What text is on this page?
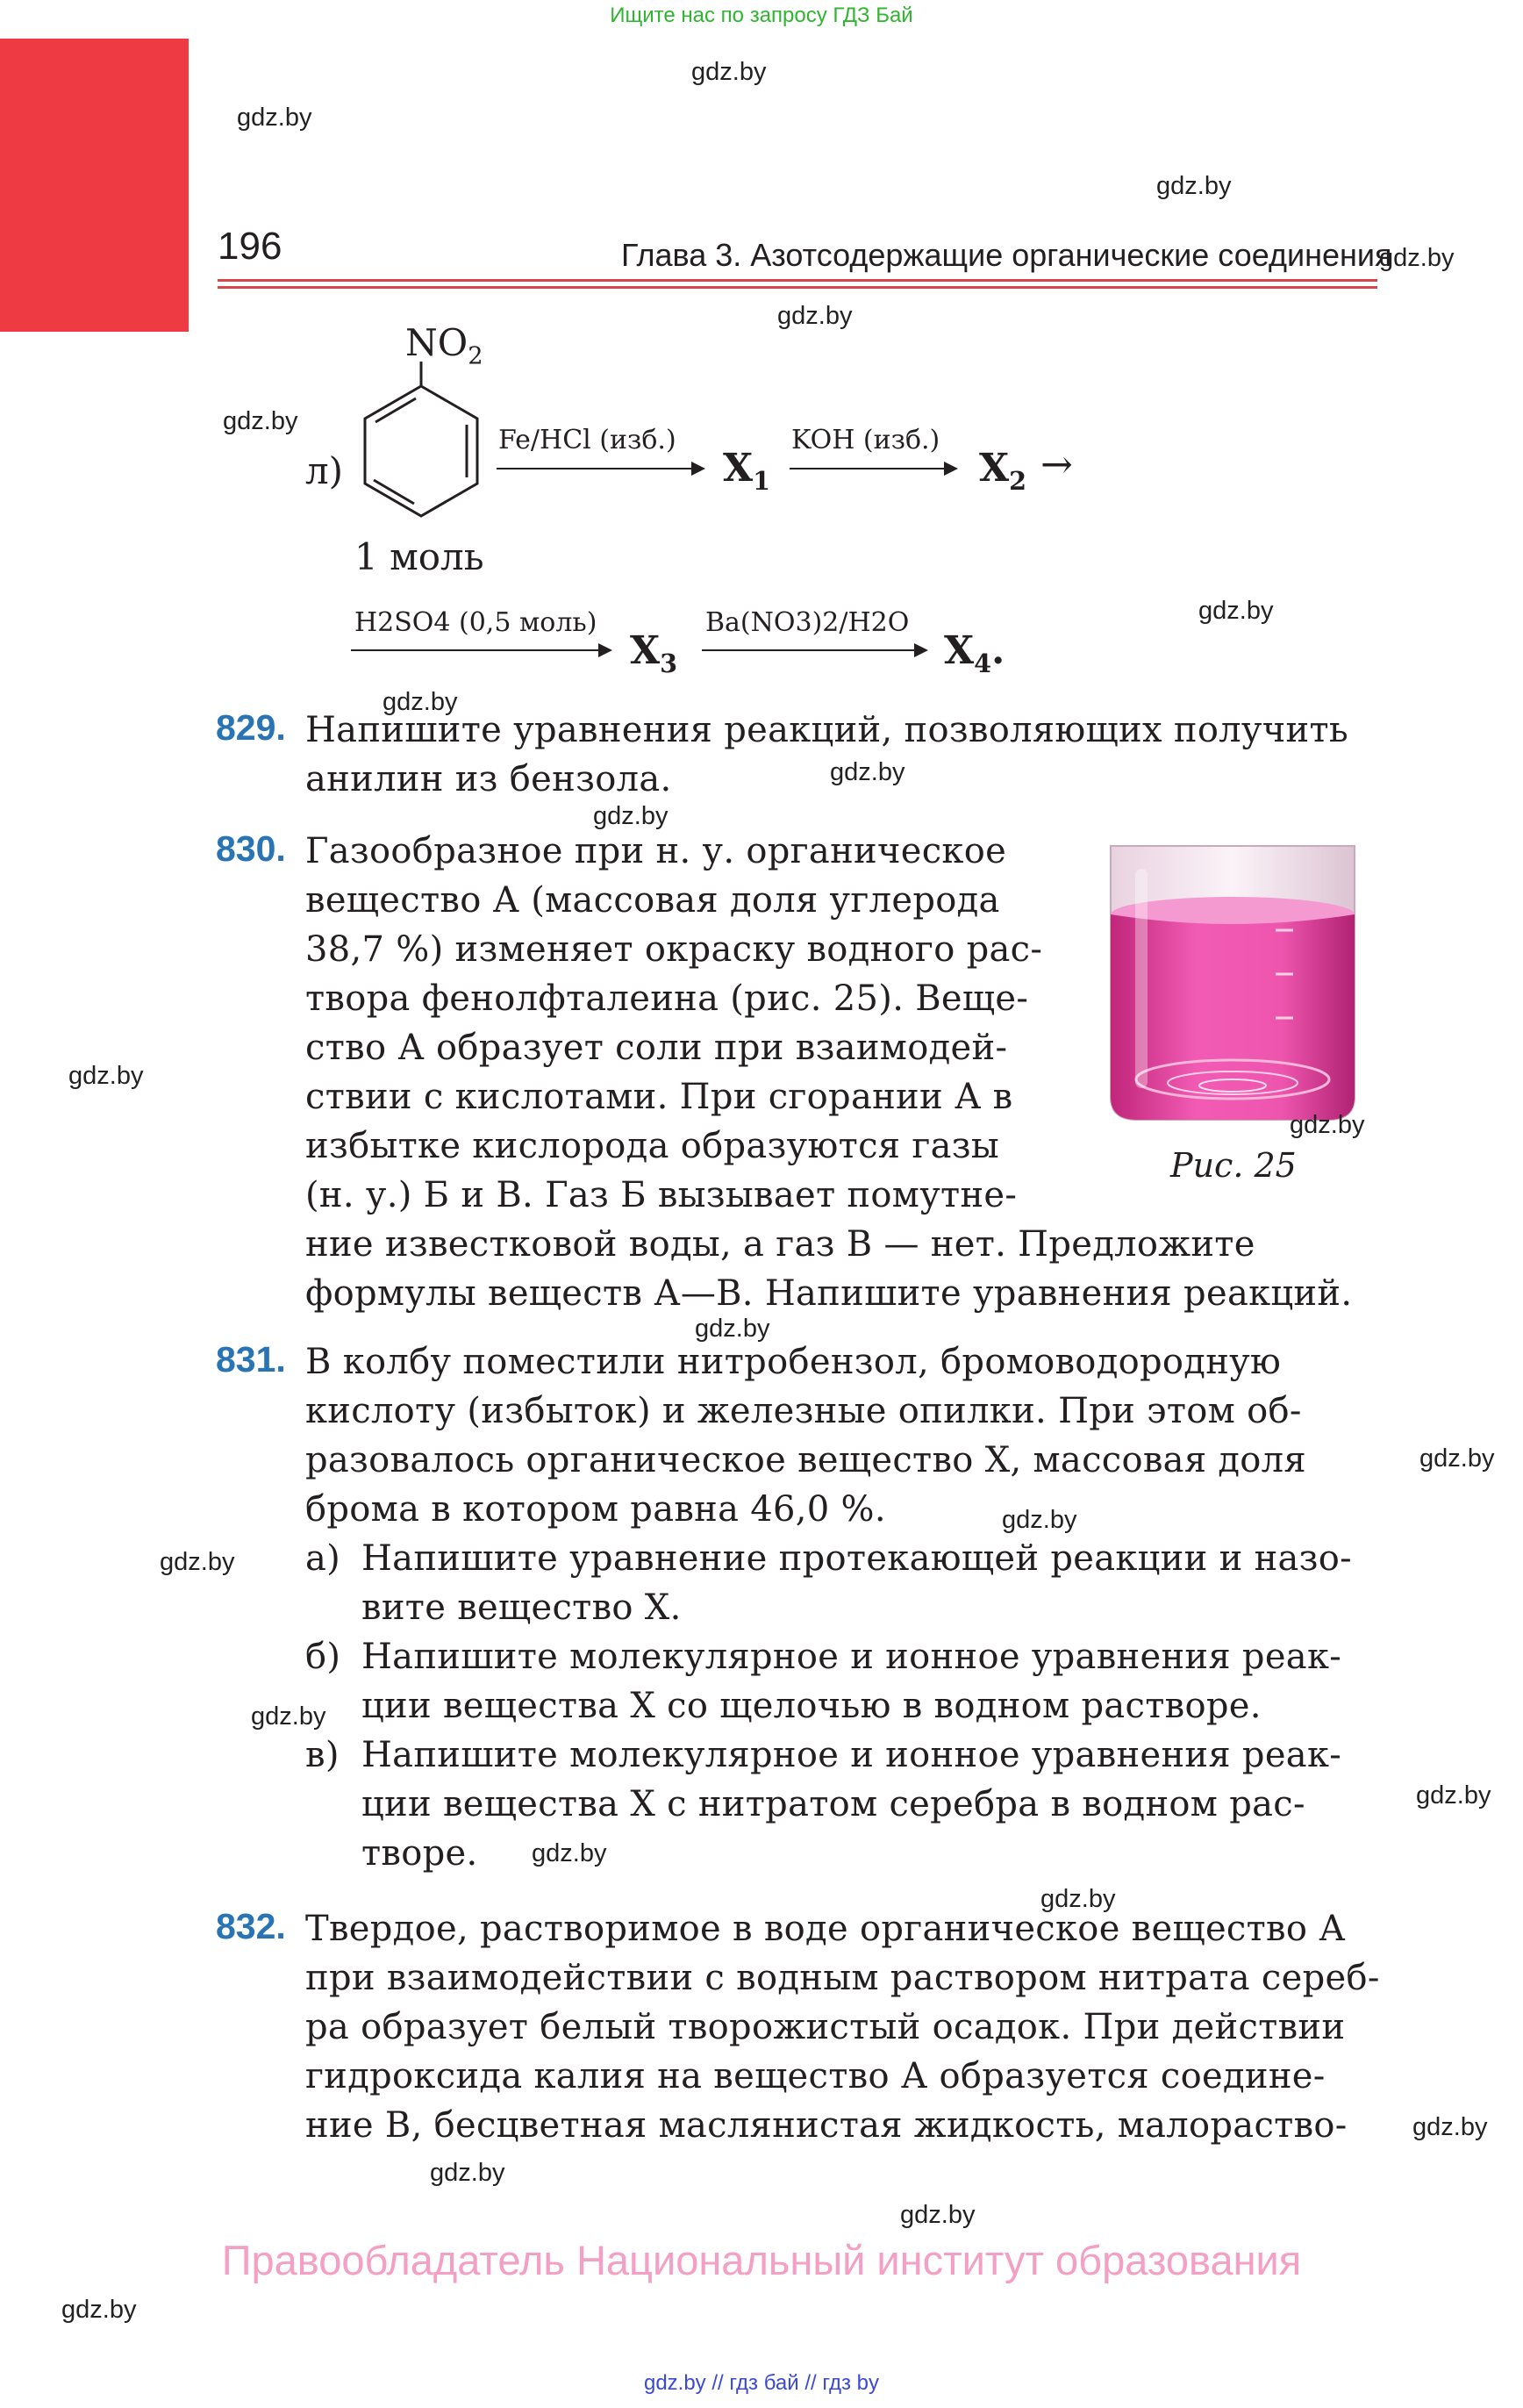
Ищите нас по запросу ГДЗ Бай
196	Глава 3. Азотсодержащие органические соединения
л)
$NO_2$
1 моль
Fe/HCl (изб.)
$X_1$
KOH (изб.)
$X_2$ →
H2SO4 (0,5 моль)
$X_3$
Ba(NO3)2/H2O
$X_4$.
829. Напишите уравнения реакций, позволяющих получить
анилин из бензола.
830. Газообразное при н. у. органическое
вещество А (массовая доля углерода
38,7 %) изменяет окраску водного рас-
твора фенолфталеина (рис. 25). Веще-
ство А образует соли при взаимодей-
ствии с кислотами. При сгорании А в
избытке кислорода образуются газы
(н. у.) Б и В. Газ Б вызывает помутне-
ние известковой воды, а газ В — нет. Предложите
формулы веществ А—В. Напишите уравнения реакций.
Рис. 25
831. В колбу поместили нитробензол, бромоводородную
кислоту (избыток) и железные опилки. При этом об-
разовалось органическое вещество X, массовая доля
брома в котором равна 46,0 %.
а) Напишите уравнение протекающей реакции и назо-
вите вещество X.
б) Напишите молекулярное и ионное уравнения реак-
ции вещества X со щелочью в водном растворе.
в) Напишите молекулярное и ионное уравнения реак-
ции вещества X с нитратом серебра в водном рас-
творе.
832. Твердое, растворимое в воде органическое вещество А
при взаимодействии с водным раствором нитрата сереб-
ра образует белый творожистый осадок. При действии
гидроксида калия на вещество А образуется соедине-
ние В, бесцветная маслянистая жидкость, малораство-
gdz.by
gdz.by
gdz.by
gdz.by
gdz.by
gdz.by
gdz.by
gdz.by
gdz.by
gdz.by
gdz.by
gdz.by
gdz.by
gdz.by
gdz.by
gdz.by
gdz.by
gdz.by
gdz.by
gdz.by
gdz.by
gdz.by
gdz.by
gdz.by
Правообладатель Национальный институт образования
gdz.by // гдз бай // гдз by
